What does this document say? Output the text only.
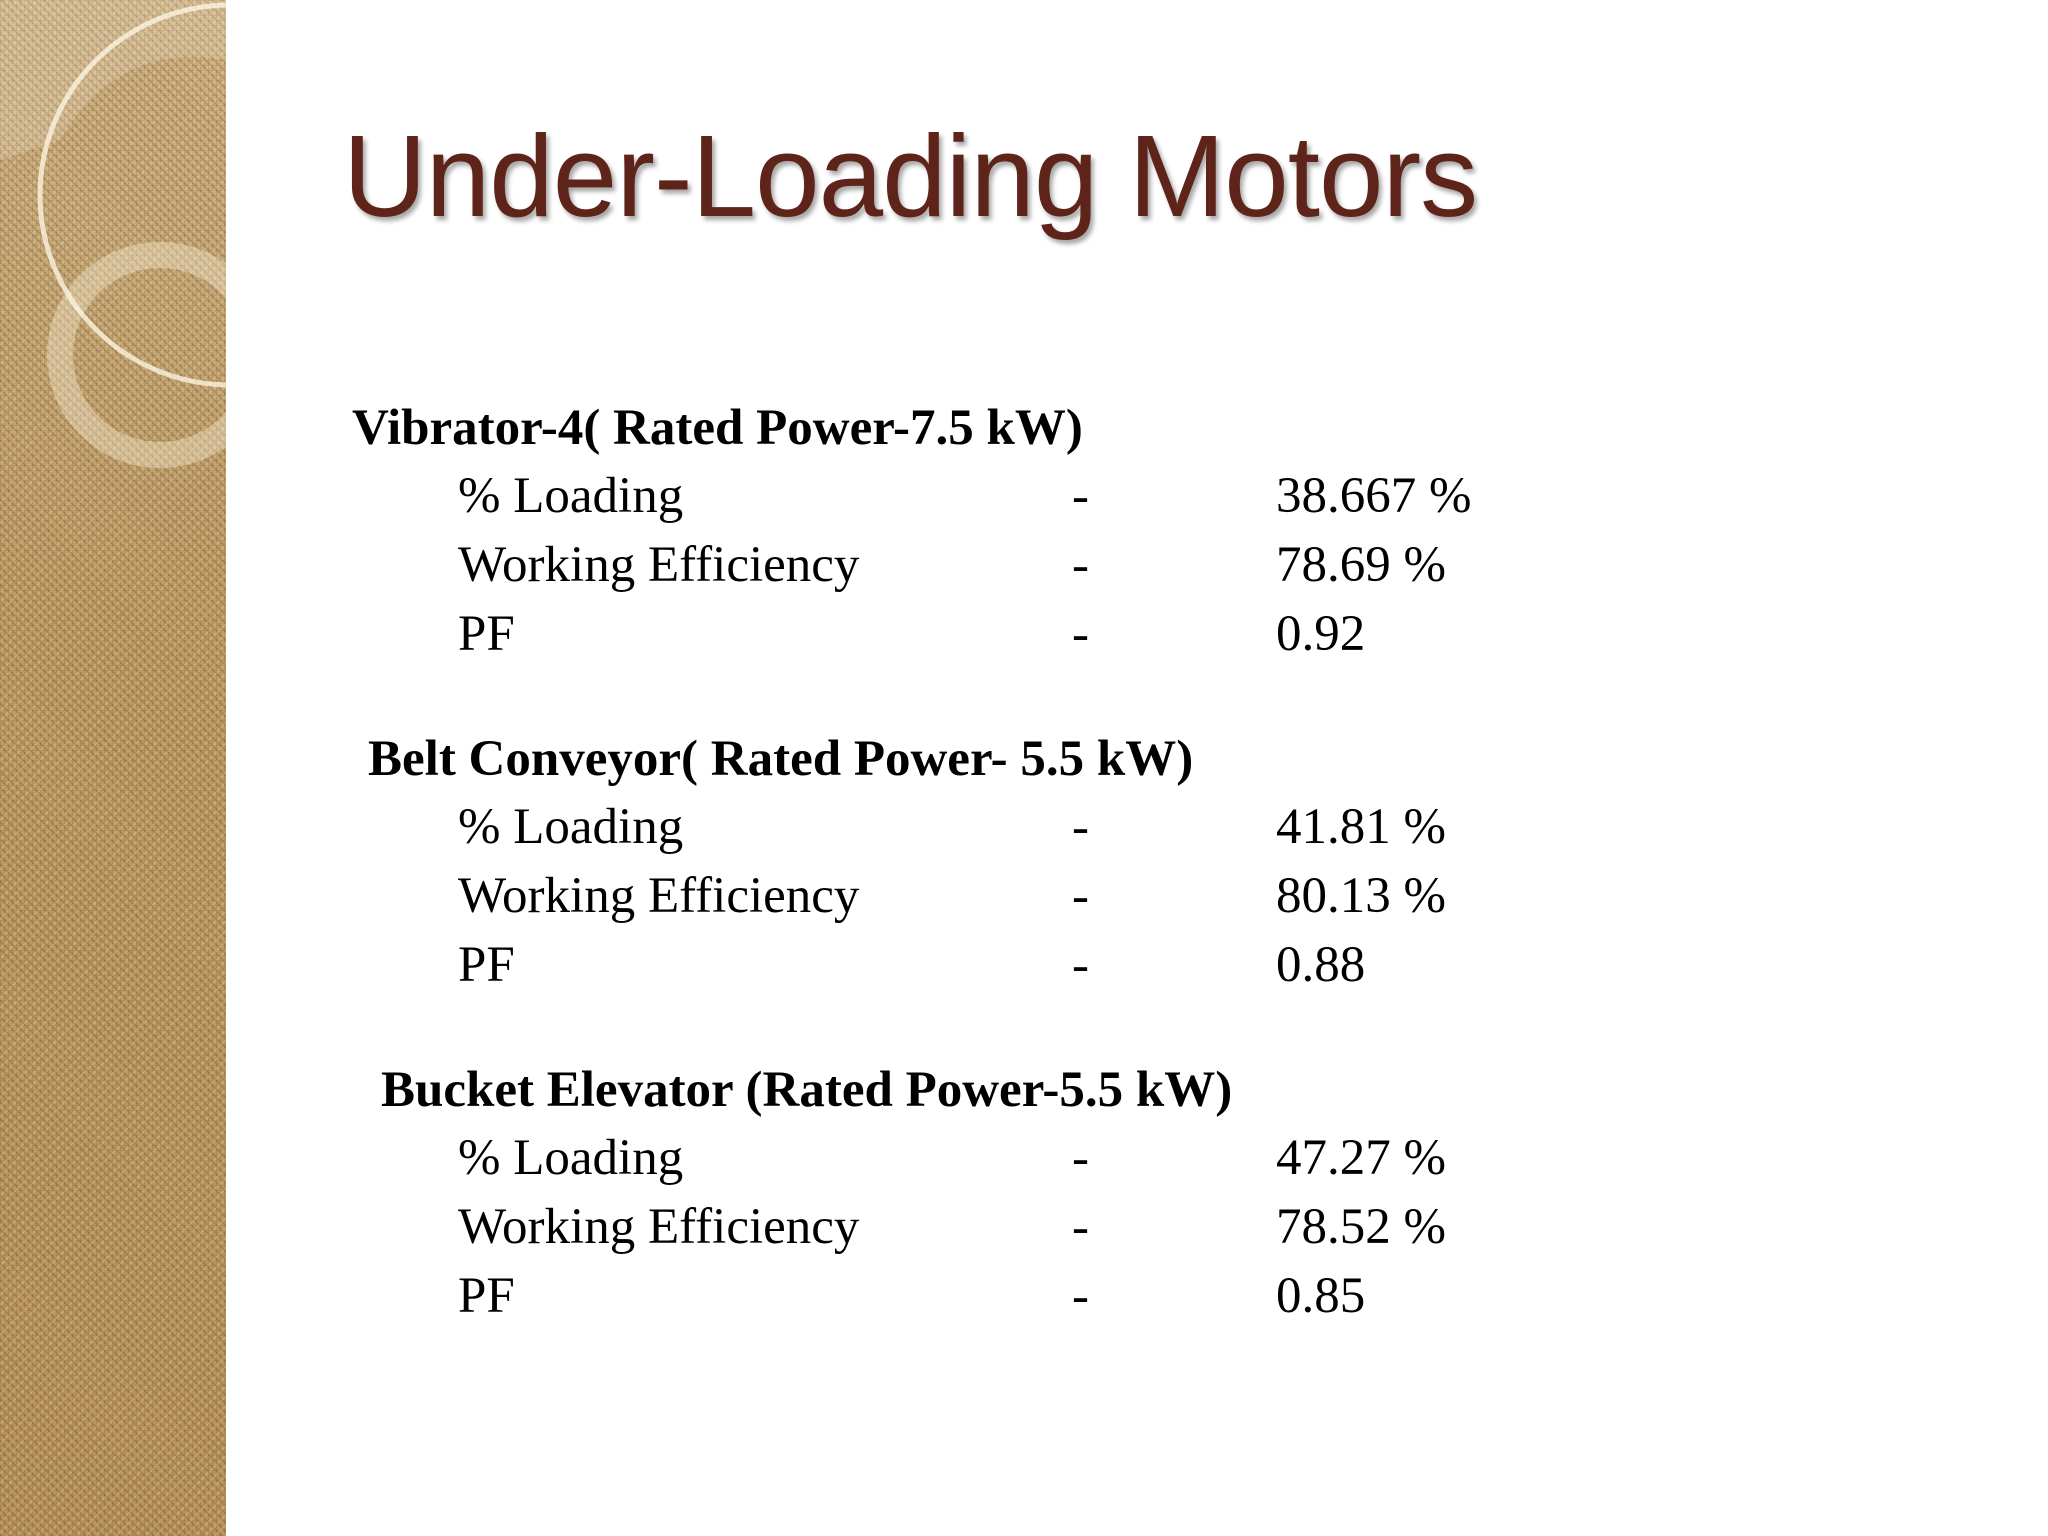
Under-Loading Motors
Vibrator-4( Rated Power-7.5 kW)
% Loading	-	38.667 %
Working Efficiency	-	78.69 %
PF	-	0.92
Belt Conveyor( Rated Power- 5.5 kW)
% Loading	-	41.81 %
Working Efficiency	-	80.13 %
PF	-	0.88
Bucket Elevator (Rated Power-5.5 kW)
% Loading	-	47.27 %
Working Efficiency	-	78.52 %
PF	-	0.85
